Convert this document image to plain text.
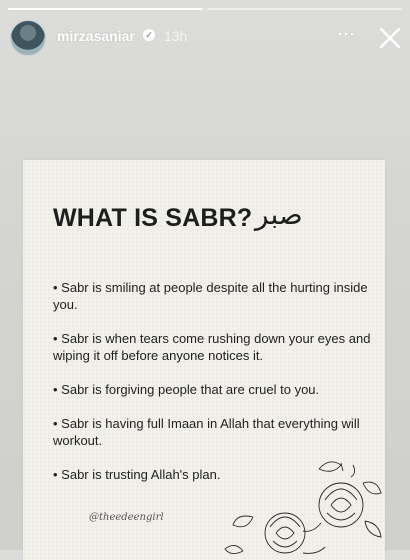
mirzasaniar ✓ 13h	⋯
WHAT IS SABR? صبر
• Sabr is smiling at people despite all the hurting inside you.
• Sabr is when tears come rushing down your eyes and wiping it off before anyone notices it.
• Sabr is forgiving people that are cruel to you.
• Sabr is having full Imaan in Allah that everything will workout.
• Sabr is trusting Allah's plan.
@theedeengirl
